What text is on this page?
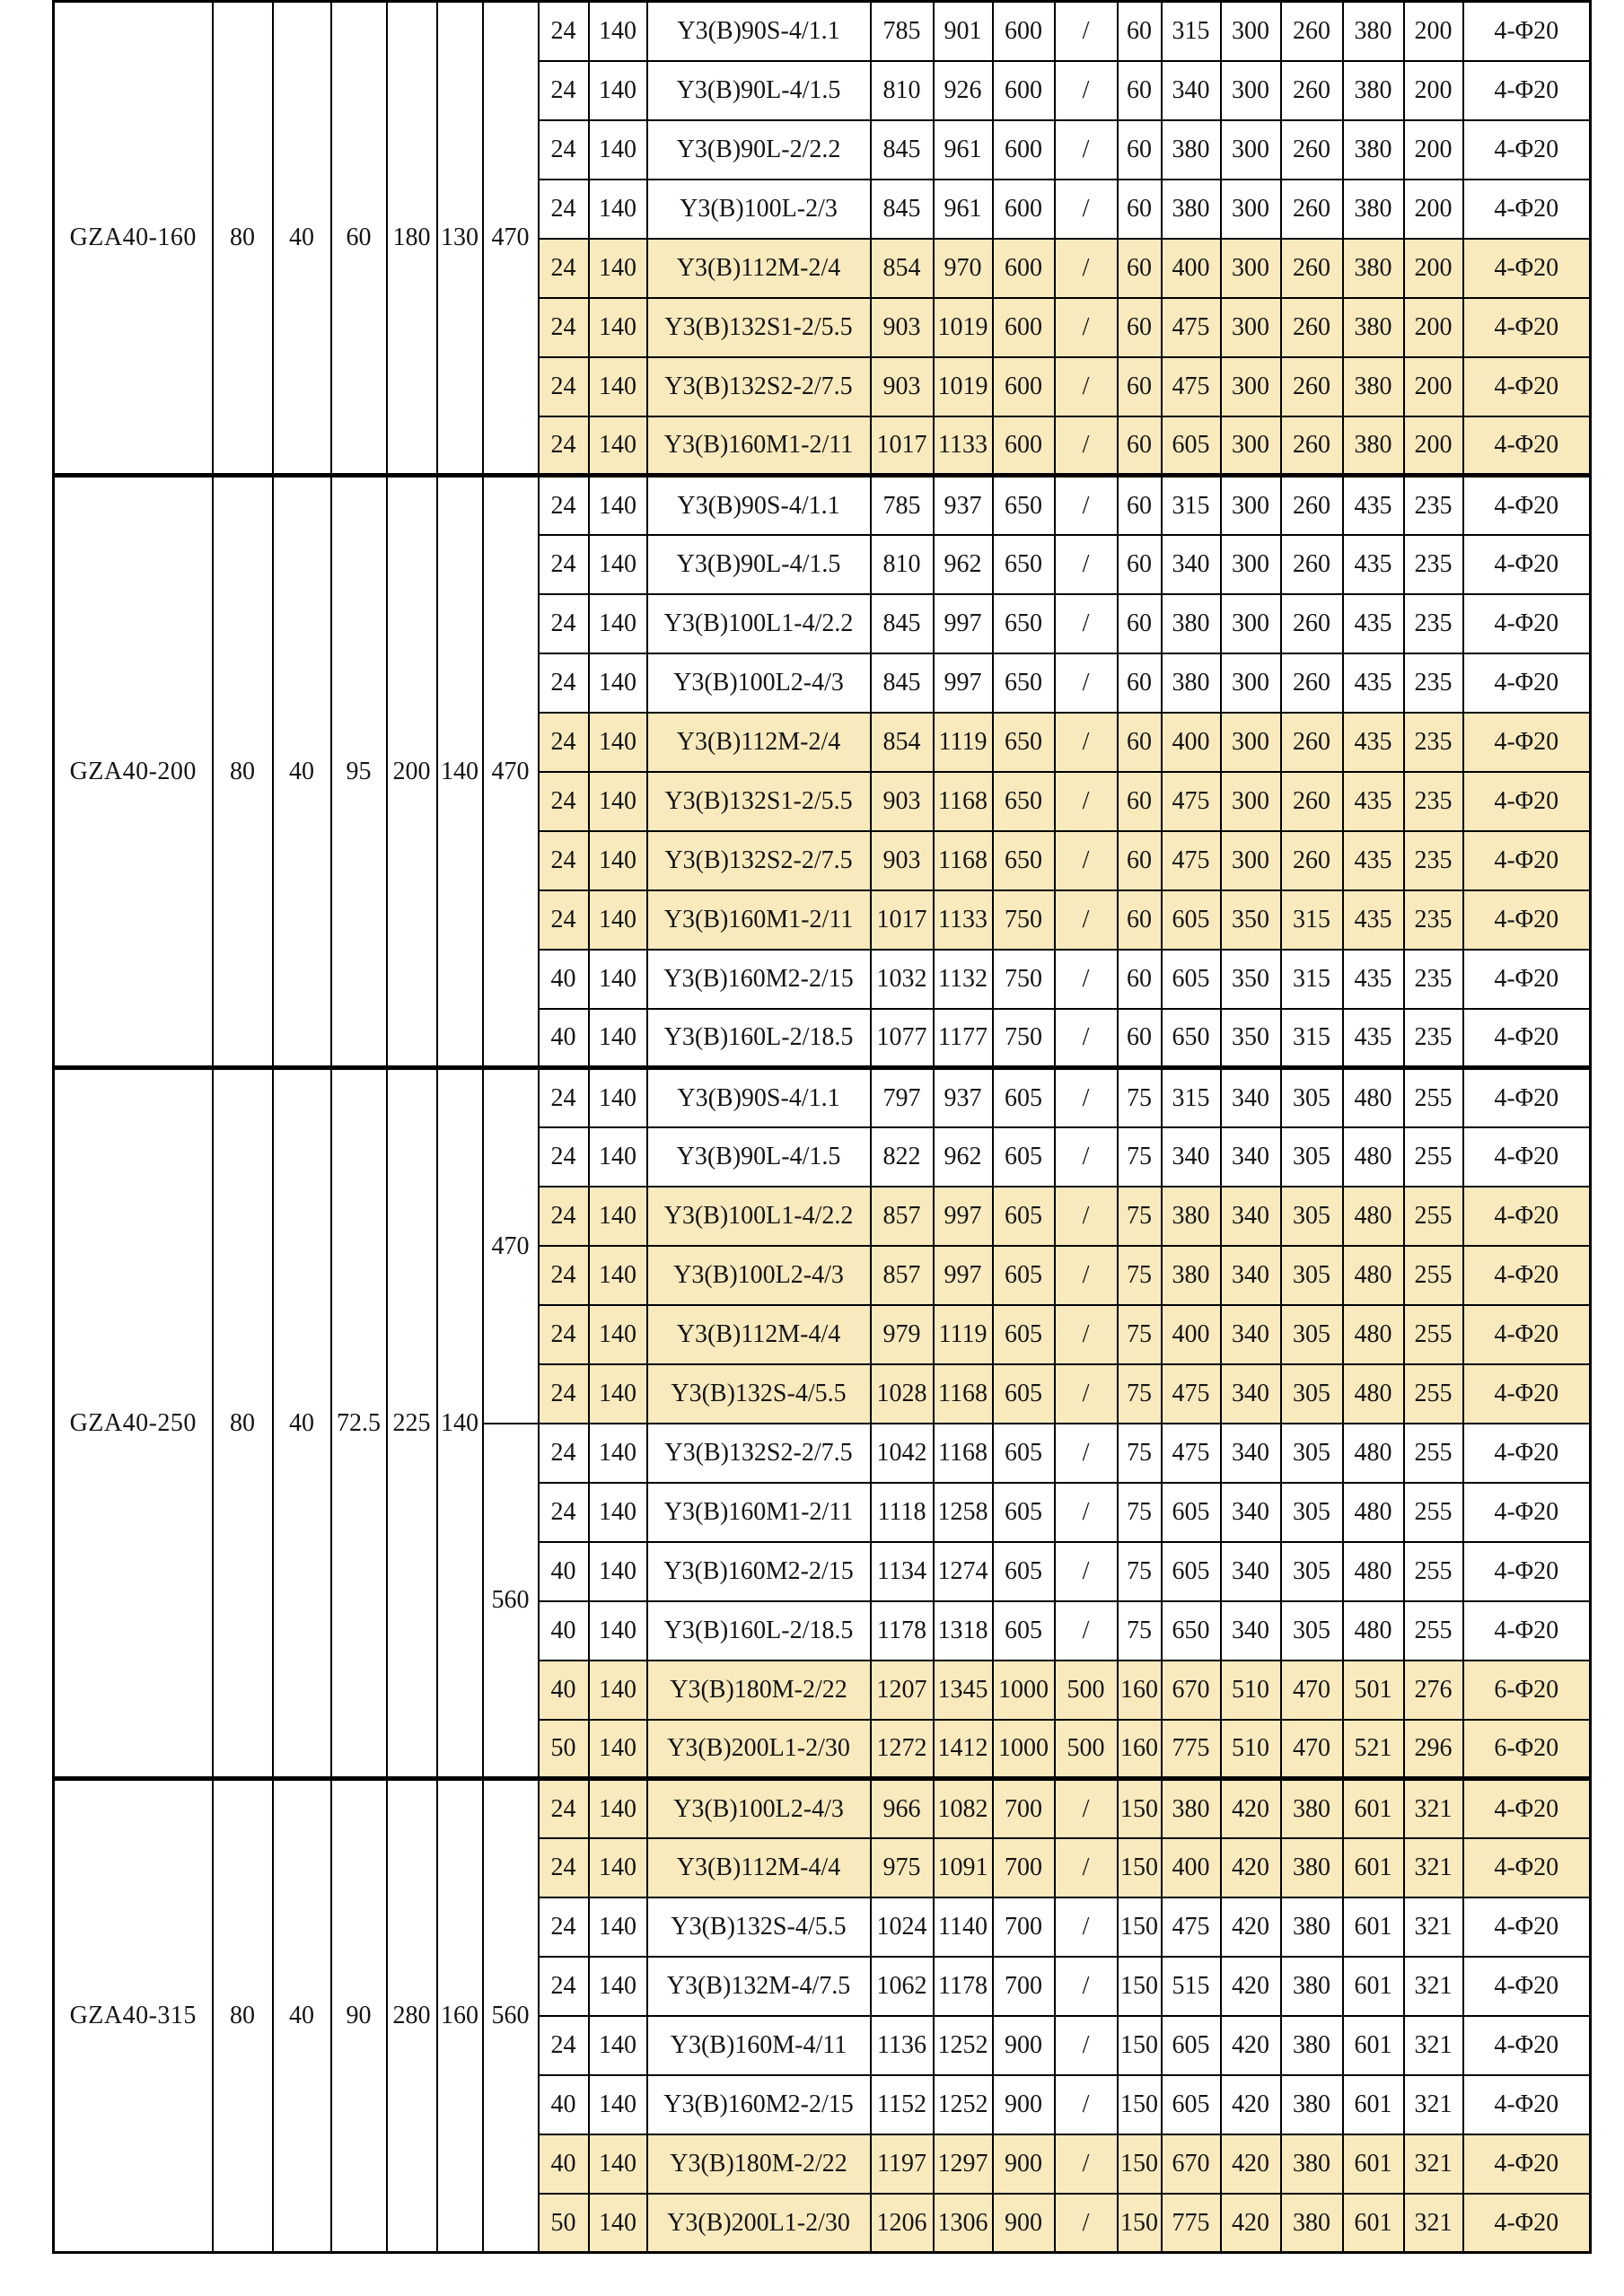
GZA40-160	80	40	60	180	130	470	24	140	Y3(B)90S-4/1.1	785	901	600	/	60	315	300	260	380	200	4-Φ20
							24	140	Y3(B)90L-4/1.5	810	926	600	/	60	340	300	260	380	200	4-Φ20
							24	140	Y3(B)90L-2/2.2	845	961	600	/	60	380	300	260	380	200	4-Φ20
							24	140	Y3(B)100L-2/3	845	961	600	/	60	380	300	260	380	200	4-Φ20
							24	140	Y3(B)112M-2/4	854	970	600	/	60	400	300	260	380	200	4-Φ20
							24	140	Y3(B)132S1-2/5.5	903	1019	600	/	60	475	300	260	380	200	4-Φ20
							24	140	Y3(B)132S2-2/7.5	903	1019	600	/	60	475	300	260	380	200	4-Φ20
							24	140	Y3(B)160M1-2/11	1017	1133	600	/	60	605	300	260	380	200	4-Φ20
GZA40-200	80	40	95	200	140	470	24	140	Y3(B)90S-4/1.1	785	937	650	/	60	315	300	260	435	235	4-Φ20
							24	140	Y3(B)90L-4/1.5	810	962	650	/	60	340	300	260	435	235	4-Φ20
							24	140	Y3(B)100L1-4/2.2	845	997	650	/	60	380	300	260	435	235	4-Φ20
							24	140	Y3(B)100L2-4/3	845	997	650	/	60	380	300	260	435	235	4-Φ20
							24	140	Y3(B)112M-2/4	854	1119	650	/	60	400	300	260	435	235	4-Φ20
							24	140	Y3(B)132S1-2/5.5	903	1168	650	/	60	475	300	260	435	235	4-Φ20
							24	140	Y3(B)132S2-2/7.5	903	1168	650	/	60	475	300	260	435	235	4-Φ20
							24	140	Y3(B)160M1-2/11	1017	1133	750	/	60	605	350	315	435	235	4-Φ20
							40	140	Y3(B)160M2-2/15	1032	1132	750	/	60	605	350	315	435	235	4-Φ20
							40	140	Y3(B)160L-2/18.5	1077	1177	750	/	60	650	350	315	435	235	4-Φ20
GZA40-250	80	40	72.5	225	140	470	24	140	Y3(B)90S-4/1.1	797	937	605	/	75	315	340	305	480	255	4-Φ20
							24	140	Y3(B)90L-4/1.5	822	962	605	/	75	340	340	305	480	255	4-Φ20
							24	140	Y3(B)100L1-4/2.2	857	997	605	/	75	380	340	305	480	255	4-Φ20
							24	140	Y3(B)100L2-4/3	857	997	605	/	75	380	340	305	480	255	4-Φ20
							24	140	Y3(B)112M-4/4	979	1119	605	/	75	400	340	305	480	255	4-Φ20
							24	140	Y3(B)132S-4/5.5	1028	1168	605	/	75	475	340	305	480	255	4-Φ20
						560	24	140	Y3(B)132S2-2/7.5	1042	1168	605	/	75	475	340	305	480	255	4-Φ20
							24	140	Y3(B)160M1-2/11	1118	1258	605	/	75	605	340	305	480	255	4-Φ20
							40	140	Y3(B)160M2-2/15	1134	1274	605	/	75	605	340	305	480	255	4-Φ20
							40	140	Y3(B)160L-2/18.5	1178	1318	605	/	75	650	340	305	480	255	4-Φ20
							40	140	Y3(B)180M-2/22	1207	1345	1000	500	160	670	510	470	501	276	6-Φ20
							50	140	Y3(B)200L1-2/30	1272	1412	1000	500	160	775	510	470	521	296	6-Φ20
GZA40-315	80	40	90	280	160	560	24	140	Y3(B)100L2-4/3	966	1082	700	/	150	380	420	380	601	321	4-Φ20
							24	140	Y3(B)112M-4/4	975	1091	700	/	150	400	420	380	601	321	4-Φ20
							24	140	Y3(B)132S-4/5.5	1024	1140	700	/	150	475	420	380	601	321	4-Φ20
							24	140	Y3(B)132M-4/7.5	1062	1178	700	/	150	515	420	380	601	321	4-Φ20
							24	140	Y3(B)160M-4/11	1136	1252	900	/	150	605	420	380	601	321	4-Φ20
							40	140	Y3(B)160M2-2/15	1152	1252	900	/	150	605	420	380	601	321	4-Φ20
							40	140	Y3(B)180M-2/22	1197	1297	900	/	150	670	420	380	601	321	4-Φ20
							50	140	Y3(B)200L1-2/30	1206	1306	900	/	150	775	420	380	601	321	4-Φ20
